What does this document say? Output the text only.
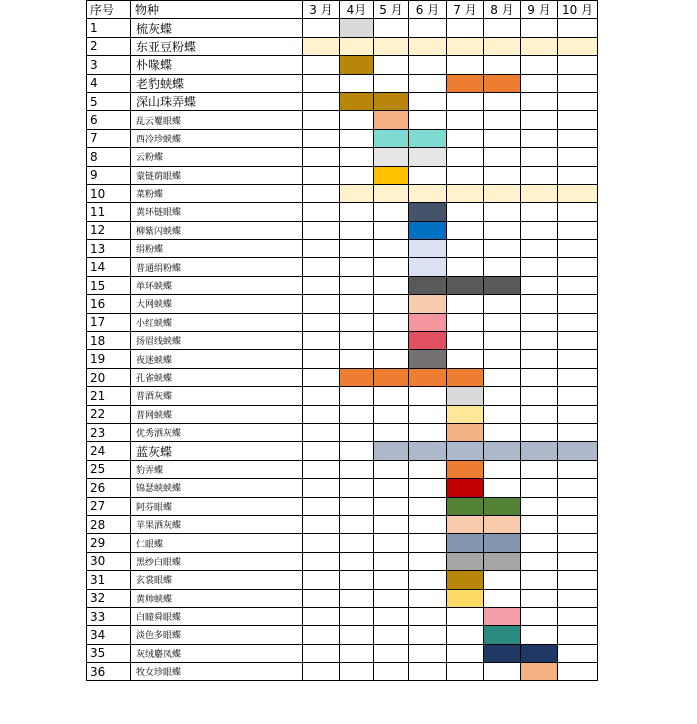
序号	物种	3 月	4月	5 月	6 月	7 月	8 月	9 月	10 月
1	梳灰蝶								
2	东亚豆粉蝶								
3	朴喙蝶								
4	老豹蛱蝶								
5	深山珠弄蝶								
6	乱云矍眼蝶								
7	西冷珍蛱蝶								
8	云粉蝶								
9	蒙链荫眼蝶								
10	菜粉蝶								
11	黄环链眼蝶								
12	柳紫闪蛱蝶								
13	绢粉蝶								
14	普通绢粉蝶								
15	单环蛱蝶								
16	大网蛱蝶								
17	小红蛱蝶								
18	扬眉线蛱蝶								
19	夜迷蛱蝶								
20	孔雀蛱蝶								
21	普酒灰蝶								
22	普网蛱蝶								
23	优秀洒灰蝶								
24	蓝灰蝶								
25	豹弄蝶								
26	锦瑟蛱蛱蝶								
27	阿芬眼蝶								
28	苹果洒灰蝶								
29	仁眼蝶								
30	黑纱白眼蝶								
31	玄裳眼蝶								
32	黄帅蛱蝶								
33	白瞳舜眼蝶								
34	淡色多眼蝶								
35	灰绒麝凤蝶								
36	牧女珍眼蝶								
